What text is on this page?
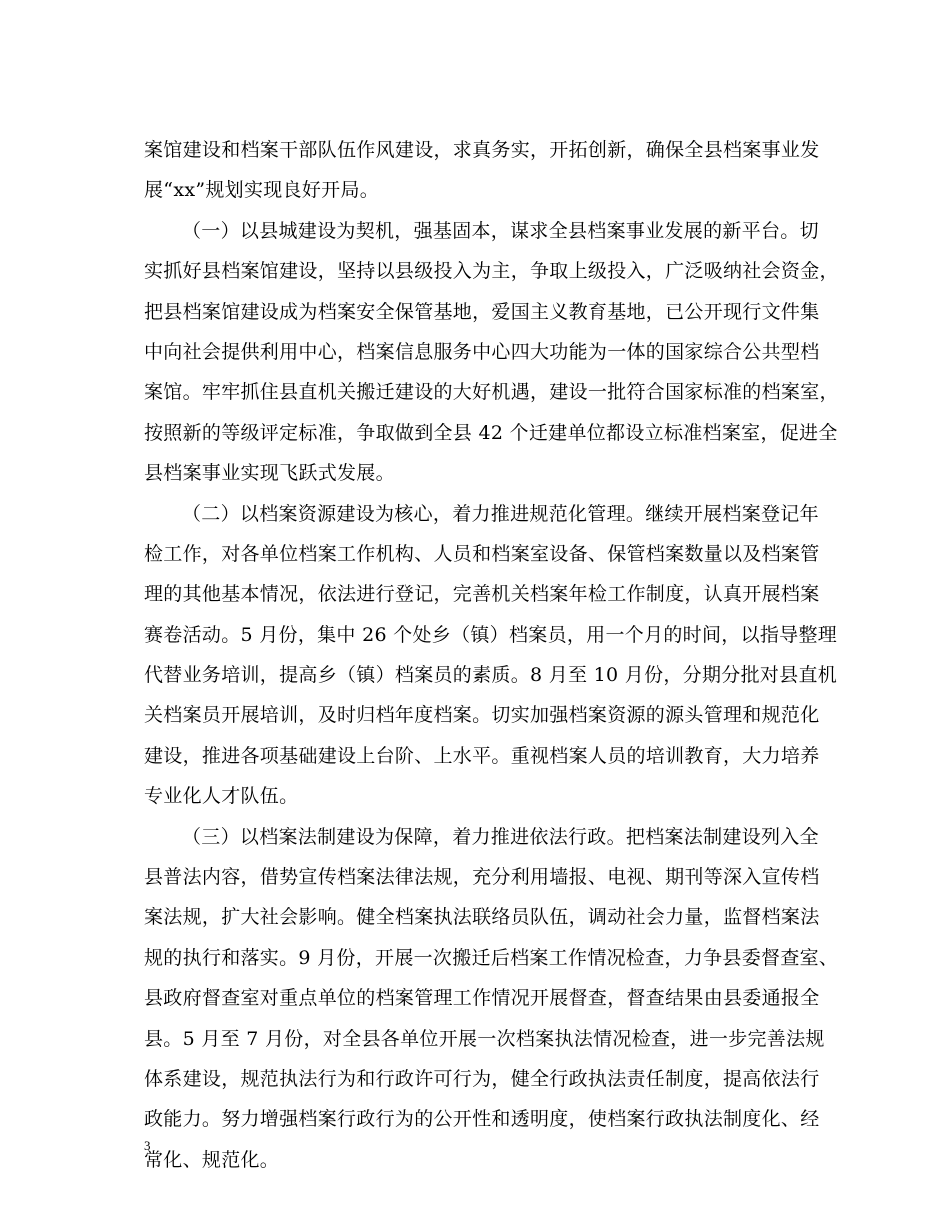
案馆建设和档案干部队伍作风建设，求真务实，开拓创新，确保全县档案事业发
展“xx”规划实现良好开局。
（一）以县城建设为契机，强基固本，谋求全县档案事业发展的新平台。切
实抓好县档案馆建设，坚持以县级投入为主，争取上级投入，广泛吸纳社会资金，
把县档案馆建设成为档案安全保管基地，爱国主义教育基地，已公开现行文件集
中向社会提供利用中心，档案信息服务中心四大功能为一体的国家综合公共型档
案馆。牢牢抓住县直机关搬迁建设的大好机遇，建设一批符合国家标准的档案室，
按照新的等级评定标准，争取做到全县 42 个迁建单位都设立标准档案室，促进全
县档案事业实现飞跃式发展。
（二）以档案资源建设为核心，着力推进规范化管理。继续开展档案登记年
检工作，对各单位档案工作机构、人员和档案室设备、保管档案数量以及档案管
理的其他基本情况，依法进行登记，完善机关档案年检工作制度，认真开展档案
赛卷活动。5 月份，集中 26 个处乡（镇）档案员，用一个月的时间，以指导整理
代替业务培训，提高乡（镇）档案员的素质。8 月至 10 月份，分期分批对县直机
关档案员开展培训，及时归档年度档案。切实加强档案资源的源头管理和规范化
建设，推进各项基础建设上台阶、上水平。重视档案人员的培训教育，大力培养
专业化人才队伍。
（三）以档案法制建设为保障，着力推进依法行政。把档案法制建设列入全
县普法内容，借势宣传档案法律法规，充分利用墙报、电视、期刊等深入宣传档
案法规，扩大社会影响。健全档案执法联络员队伍，调动社会力量，监督档案法
规的执行和落实。9 月份，开展一次搬迁后档案工作情况检查，力争县委督查室、
县政府督查室对重点单位的档案管理工作情况开展督查，督查结果由县委通报全
县。5 月至 7 月份，对全县各单位开展一次档案执法情况检查，进一步完善法规
体系建设，规范执法行为和行政许可行为，健全行政执法责任制度，提高依法行
政能力。努力增强档案行政行为的公开性和透明度，使档案行政执法制度化、经
常化、规范化。
3
